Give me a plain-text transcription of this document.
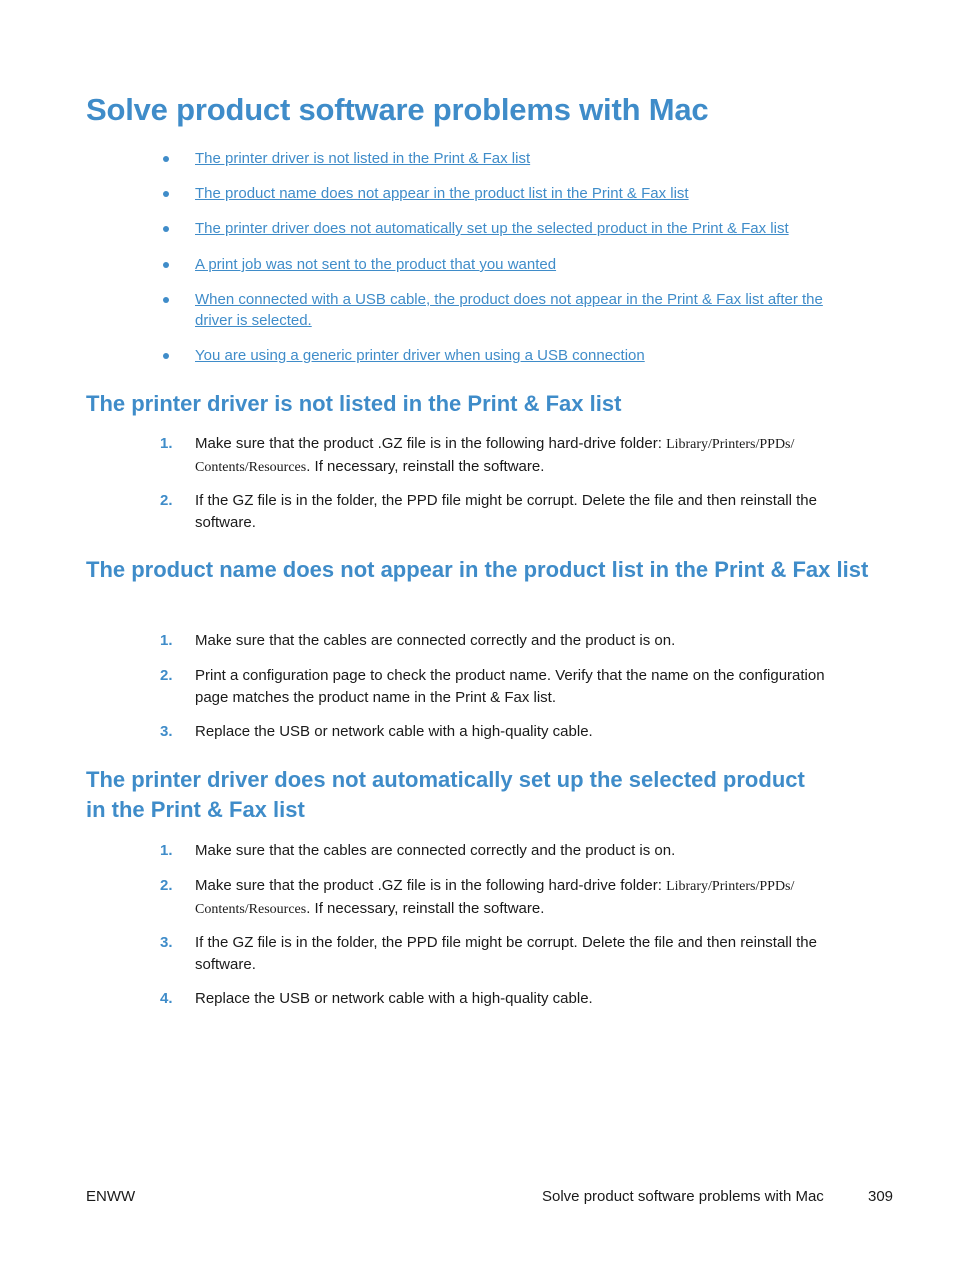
Solve product software problems with Mac
The printer driver is not listed in the Print & Fax list
The product name does not appear in the product list in the Print & Fax list
The printer driver does not automatically set up the selected product in the Print & Fax list
A print job was not sent to the product that you wanted
When connected with a USB cable, the product does not appear in the Print & Fax list after the driver is selected.
You are using a generic printer driver when using a USB connection
The printer driver is not listed in the Print & Fax list
1. Make sure that the product .GZ file is in the following hard-drive folder: Library/Printers/PPDs/ Contents/Resources. If necessary, reinstall the software.
2. If the GZ file is in the folder, the PPD file might be corrupt. Delete the file and then reinstall the software.
The product name does not appear in the product list in the Print & Fax list
1. Make sure that the cables are connected correctly and the product is on.
2. Print a configuration page to check the product name. Verify that the name on the configuration page matches the product name in the Print & Fax list.
3. Replace the USB or network cable with a high-quality cable.
The printer driver does not automatically set up the selected product in the Print & Fax list
1. Make sure that the cables are connected correctly and the product is on.
2. Make sure that the product .GZ file is in the following hard-drive folder: Library/Printers/PPDs/ Contents/Resources. If necessary, reinstall the software.
3. If the GZ file is in the folder, the PPD file might be corrupt. Delete the file and then reinstall the software.
4. Replace the USB or network cable with a high-quality cable.
ENWW	Solve product software problems with Mac	309
